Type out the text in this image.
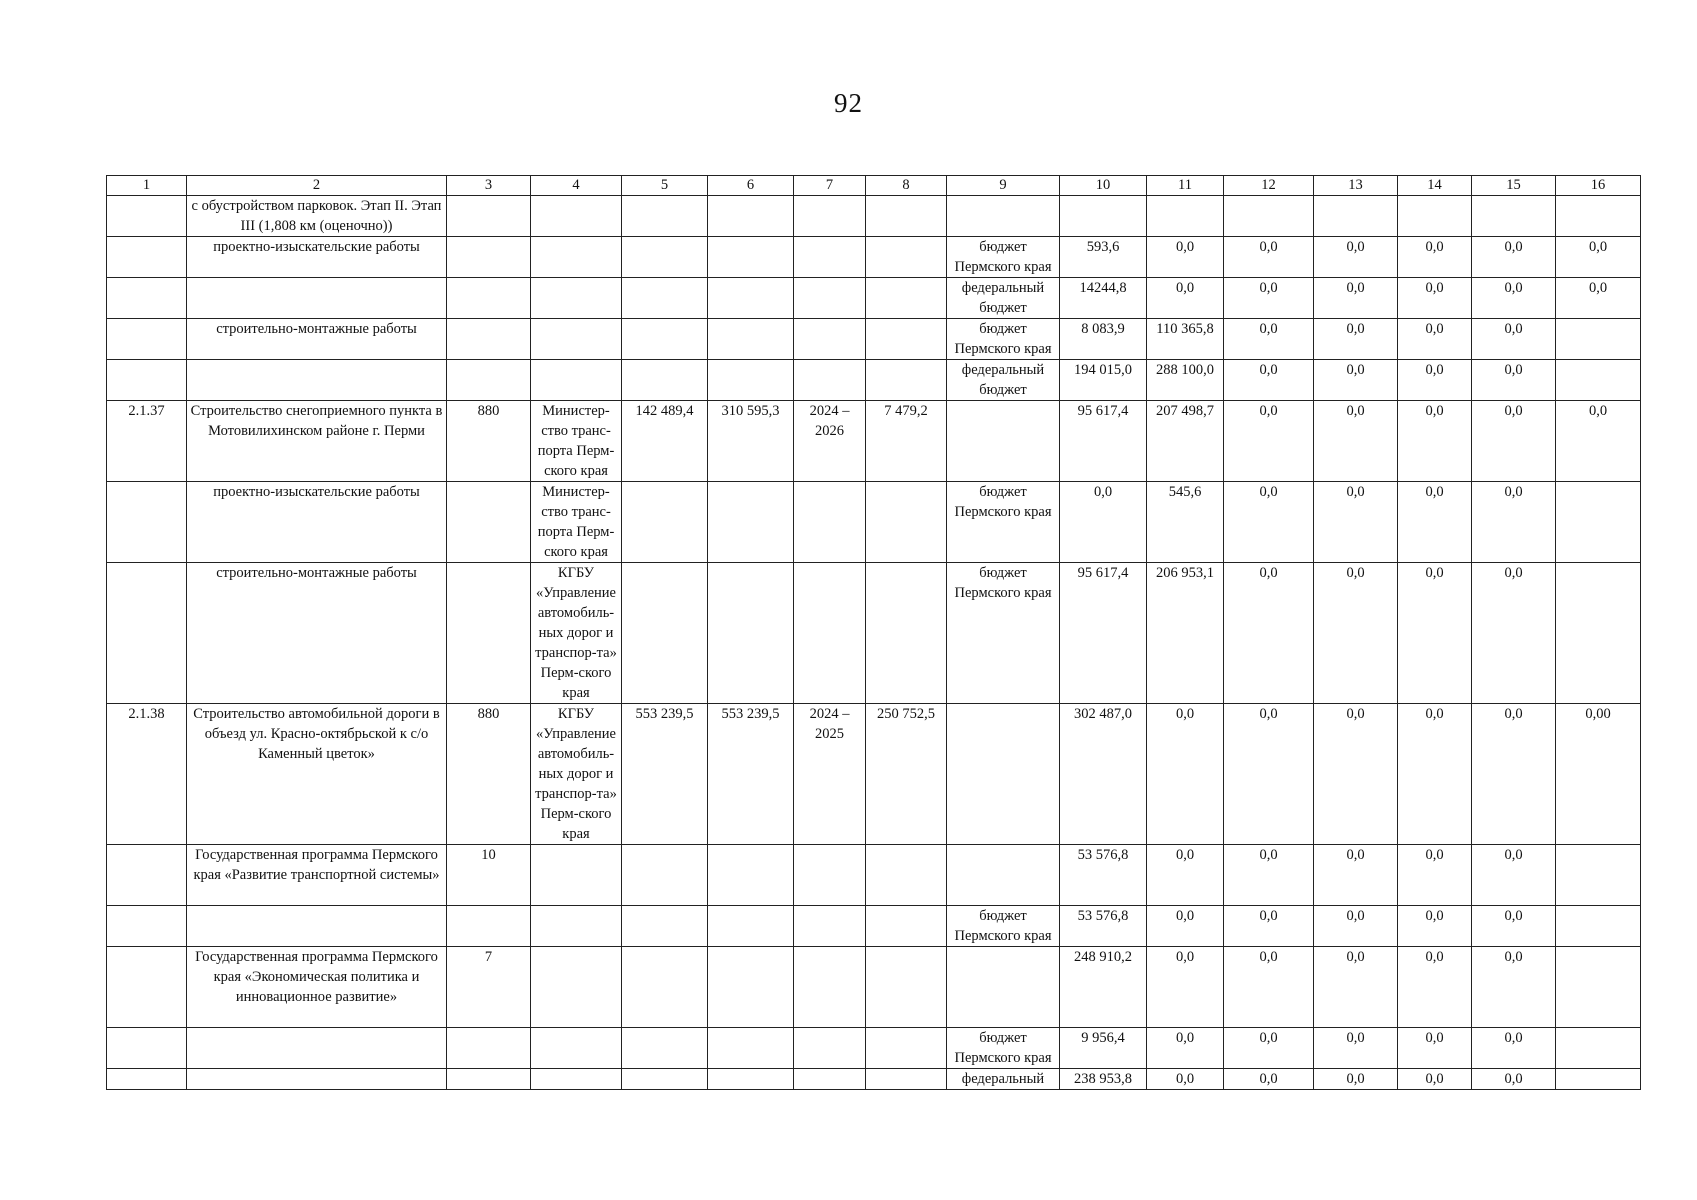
92
1	2	3	4	5	6	7	8	9	10	11	12	13	14	15	16
	с обустройством парковок. Этап II. Этап III (1,808 км (оценочно))														
	проектно-изыскательские работы							бюджет Пермского края	593,6	0,0	0,0	0,0	0,0	0,0	0,0
								федеральный бюджет	14244,8	0,0	0,0	0,0	0,0	0,0	0,0
	строительно-монтажные работы							бюджет Пермского края	8 083,9	110 365,8	0,0	0,0	0,0	0,0	
								федеральный бюджет	194 015,0	288 100,0	0,0	0,0	0,0	0,0	
2.1.37	Строительство снегоприемного пункта в Мотовилихинском районе г. Перми	880	Министер-ство транс-порта Перм-ского края	142 489,4	310 595,3	2024 – 2026	7 479,2		95 617,4	207 498,7	0,0	0,0	0,0	0,0	0,0
	проектно-изыскательские работы		Министер-ство транс-порта Перм-ского края					бюджет Пермского края	0,0	545,6	0,0	0,0	0,0	0,0	
	строительно-монтажные работы		КГБУ «Управление автомобиль-ных дорог и транспор-та» Перм-ского края					бюджет Пермского края	95 617,4	206 953,1	0,0	0,0	0,0	0,0	
2.1.38	Строительство автомобильной дороги в объезд ул. Красно-октябрьской к с/о Каменный цветок»	880	КГБУ «Управление автомобиль-ных дорог и транспор-та» Перм-ского края	553 239,5	553 239,5	2024 – 2025	250 752,5		302 487,0	0,0	0,0	0,0	0,0	0,0	0,00
	Государственная программа Пермского края «Развитие транспортной системы»	10							53 576,8	0,0	0,0	0,0	0,0	0,0	
								бюджет Пермского края	53 576,8	0,0	0,0	0,0	0,0	0,0	
	Государственная программа Пермского края «Экономическая политика и инновационное развитие»	7							248 910,2	0,0	0,0	0,0	0,0	0,0	
								бюджет Пермского края	9 956,4	0,0	0,0	0,0	0,0	0,0	
								федеральный	238 953,8	0,0	0,0	0,0	0,0	0,0	
